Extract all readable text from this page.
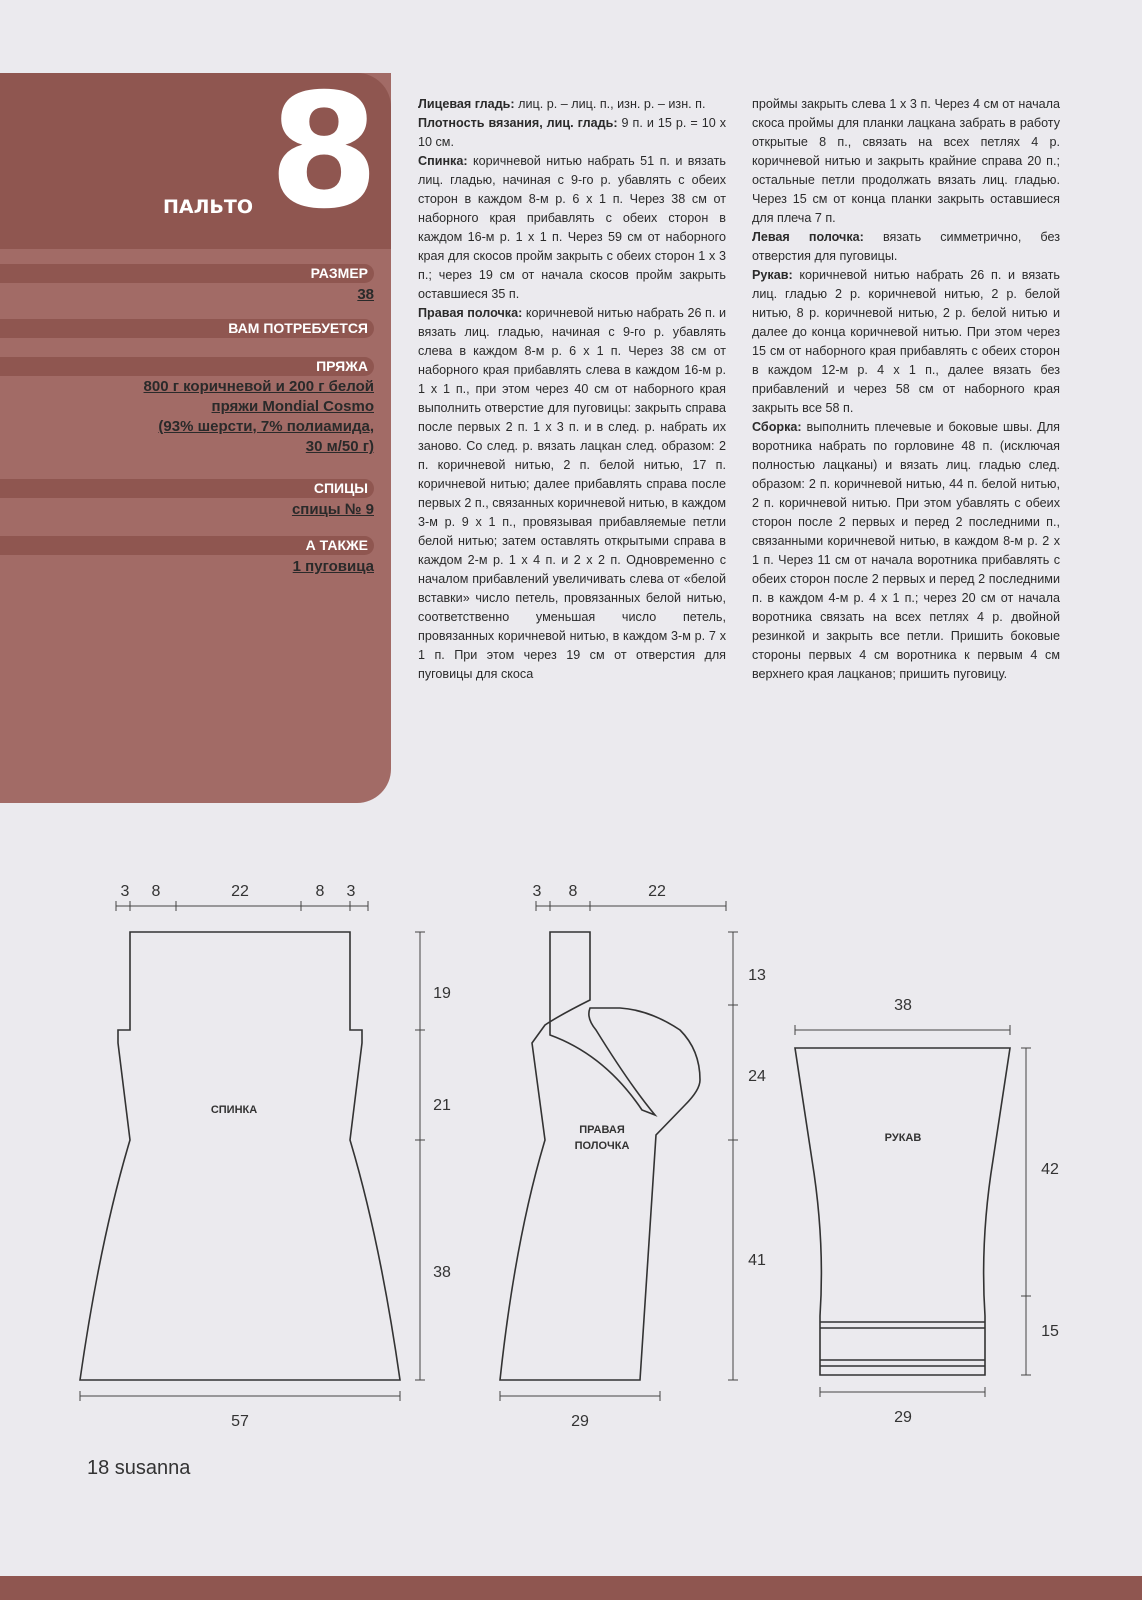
8
ПАЛЬТО
РАЗМЕР
38
ВАМ ПОТРЕБУЕТСЯ
ПРЯЖА
800 г коричневой и 200 г белой
пряжи Mondial Cosmo
(93% шерсти, 7% полиамида,
30 м/50 г)
СПИЦЫ
спицы № 9
А ТАКЖЕ
1 пуговица

Лицевая гладь: лиц. р. – лиц. п., изн. р. – изн. п.

Плотность вязания, лиц. гладь: 9 п. и 15 р. = 10 х 10 см.

Спинка: коричневой нитью набрать 51 п. и вязать лиц. гладью, начиная с 9-го р. убавлять с обеих сторон в каждом 8-м р. 6 х 1 п. Через 38 см от наборного края прибавлять с обеих сторон в каждом 16-м р. 1 х 1 п. Через 59 см от наборного края для скосов пройм закрыть с обеих сторон 1 х 3 п.; через 19 см от начала скосов пройм закрыть оставшиеся 35 п.

Правая полочка: коричневой нитью набрать 26 п. и вязать лиц. гладью, начиная с 9-го р. убавлять слева в каждом 8-м р. 6 х 1 п. Через 38 см от наборного края прибавлять слева в каждом 16-м р. 1 х 1 п., при этом через 40 см от наборного края выполнить отверстие для пуговицы: закрыть справа после первых 2 п. 1 х 3 п. и в след. р. набрать их заново. Со след. р. вязать лацкан след. образом: 2 п. коричневой нитью, 2 п. белой нитью, 17 п. коричневой нитью; далее прибавлять справа после первых 2 п., связанных коричневой нитью, в каждом 3-м р. 9 х 1 п., провязывая прибавляемые петли белой нитью; затем оставлять открытыми справа в каждом 2-м р. 1 х 4 п. и 2 х 2 п. Одновременно с началом прибавлений увеличивать слева от «белой вставки» число петель, провязанных белой нитью, соответственно уменьшая число петель, провязанных коричневой нитью, в каждом 3-м р. 7 х 1 п. При этом через 19 см от отверстия для пуговицы для скоса

проймы закрыть слева 1 х 3 п. Через 4 см от начала скоса проймы для планки лацкана забрать в работу открытые 8 п., связать на всех петлях 4 р. коричневой нитью и закрыть крайние справа 20 п.; остальные петли продолжать вязать лиц. гладью. Через 15 см от конца планки закрыть оставшиеся для плеча 7 п.

Левая полочка: вязать симметрично, без отверстия для пуговицы.

Рукав: коричневой нитью набрать 26 п. и вязать лиц. гладью 2 р. коричневой нитью, 2 р. белой нитью, 8 р. коричневой нитью, 2 р. белой нитью и далее до конца коричневой нитью. При этом через 15 см от наборного края прибавлять с обеих сторон в каждом 12-м р. 4 х 1 п., далее вязать без прибавлений и через 58 см от наборного края закрыть все 58 п.

Сборка: выполнить плечевые и боковые швы. Для воротника набрать по горловине 48 п. (исключая полностью лацканы) и вязать лиц. гладью след. образом: 2 п. коричневой нитью, 44 п. белой нитью, 2 п. коричневой нитью. При этом убавлять с обеих сторон после 2 первых и перед 2 последними п., связанными коричневой нитью, в каждом 8-м р. 2 х 1 п. Через 11 см от начала воротника прибавлять с обеих сторон после 2 первых и перед 2 последними п. в каждом 4-м р. 4 х 1 п.; через 20 см от начала воротника связать на всех петлях 4 р. двойной резинкой и закрыть все петли. Пришить боковые стороны первых 4 см воротника к первым 4 см верхнего края лацканов; пришить пуговицу.

3 8	22	8 3
19
21
38
57
СПИНКА
3 8	22
13
24
41
29
ПРАВАЯ
ПОЛОЧКА
38
42
15
29
РУКАВ
18 susanna
